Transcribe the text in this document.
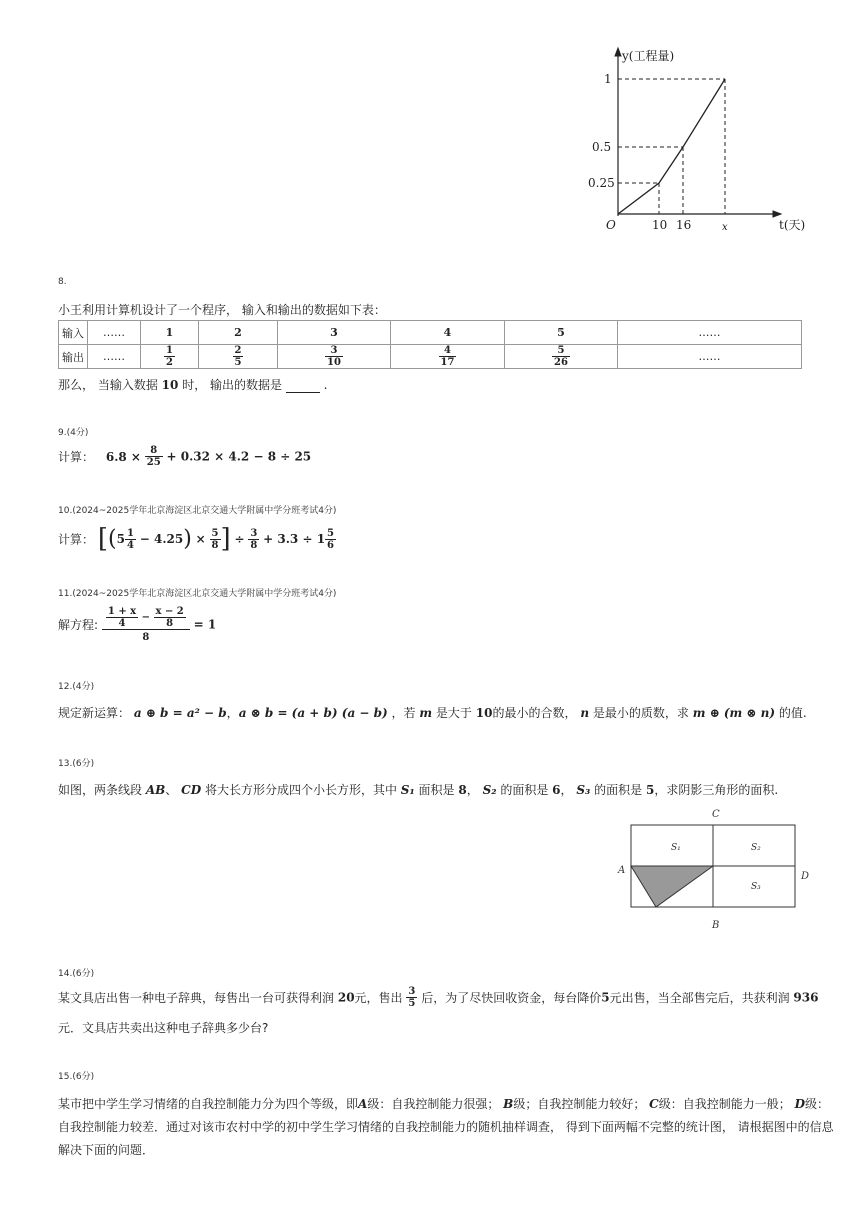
y(工程量)
1
0.5
0.25
O	10 16	x	t(天)
8.
小王利用计算机设计了一个程序， 输入和输出的数据如下表：
输入	……	1	2	3	4	5	……
输出	……	$\frac{1}{2}$	$\frac{2}{5}$	$\frac{3}{10}$	$\frac{4}{17}$	$\frac{5}{26}$	……
那么， 当输入数据 10 时， 输出的数据是	.
9.(4分)
计算： $6.8 \times \frac{8}{25} + 0.32 \times 4.2 - 8 \div 25$
10.(2024~2025学年北京海淀区北京交通大学附属中学分班考试4分)
计算： [$(5 \frac{1}{4} - 4.25) \times \frac{5}{8}$ ] ÷ $\frac{3}{8} + 3.3 \div 1 \frac{5}{6}$
11.(2024~2025学年北京海淀区北京交通大学附属中学分班考试4分)
解方程: $\frac{\frac{1 + x}{4} - \frac{x - 2}{8}}{8} = 1$
12.(4分)
规定新运算： a ⊕ b = a² − b，a ⊗ b = (a + b) (a − b) ，若 m 是大于 10的最小的合数， n 是最小的质数，求 m ⊕ (m ⊗ n) 的值.
13.(6分)
如图，两条线段 AB、 CD 将大长方形分成四个小长方形，其中 S₁ 面积是 8， S₂ 的面积是 6， S₃ 的面积是 5，求阴影三角形的面积.
C
A
D
B
S₁	S₂
S₃
14.(6分)
某文具店出售一种电子辞典，每售出一台可获得利润 20元，售出 $\frac{3}{5}$ 后，为了尽快回收资金，每台降价5元出售，当全部售完后，共获利润 936
元．文具店共卖出这种电子辞典多少台?
15.(6分)
某市把中学生学习情绪的自我控制能力分为四个等级，即A级：自我控制能力很强； B级；自我控制能力较好； C级：自我控制能力一般； D级：
自我控制能力较差．通过对该市农村中学的初中学生学习情绪的自我控制能力的随机抽样调查， 得到下面两幅不完整的统计图， 请根据图中的信息
解决下面的问题．
